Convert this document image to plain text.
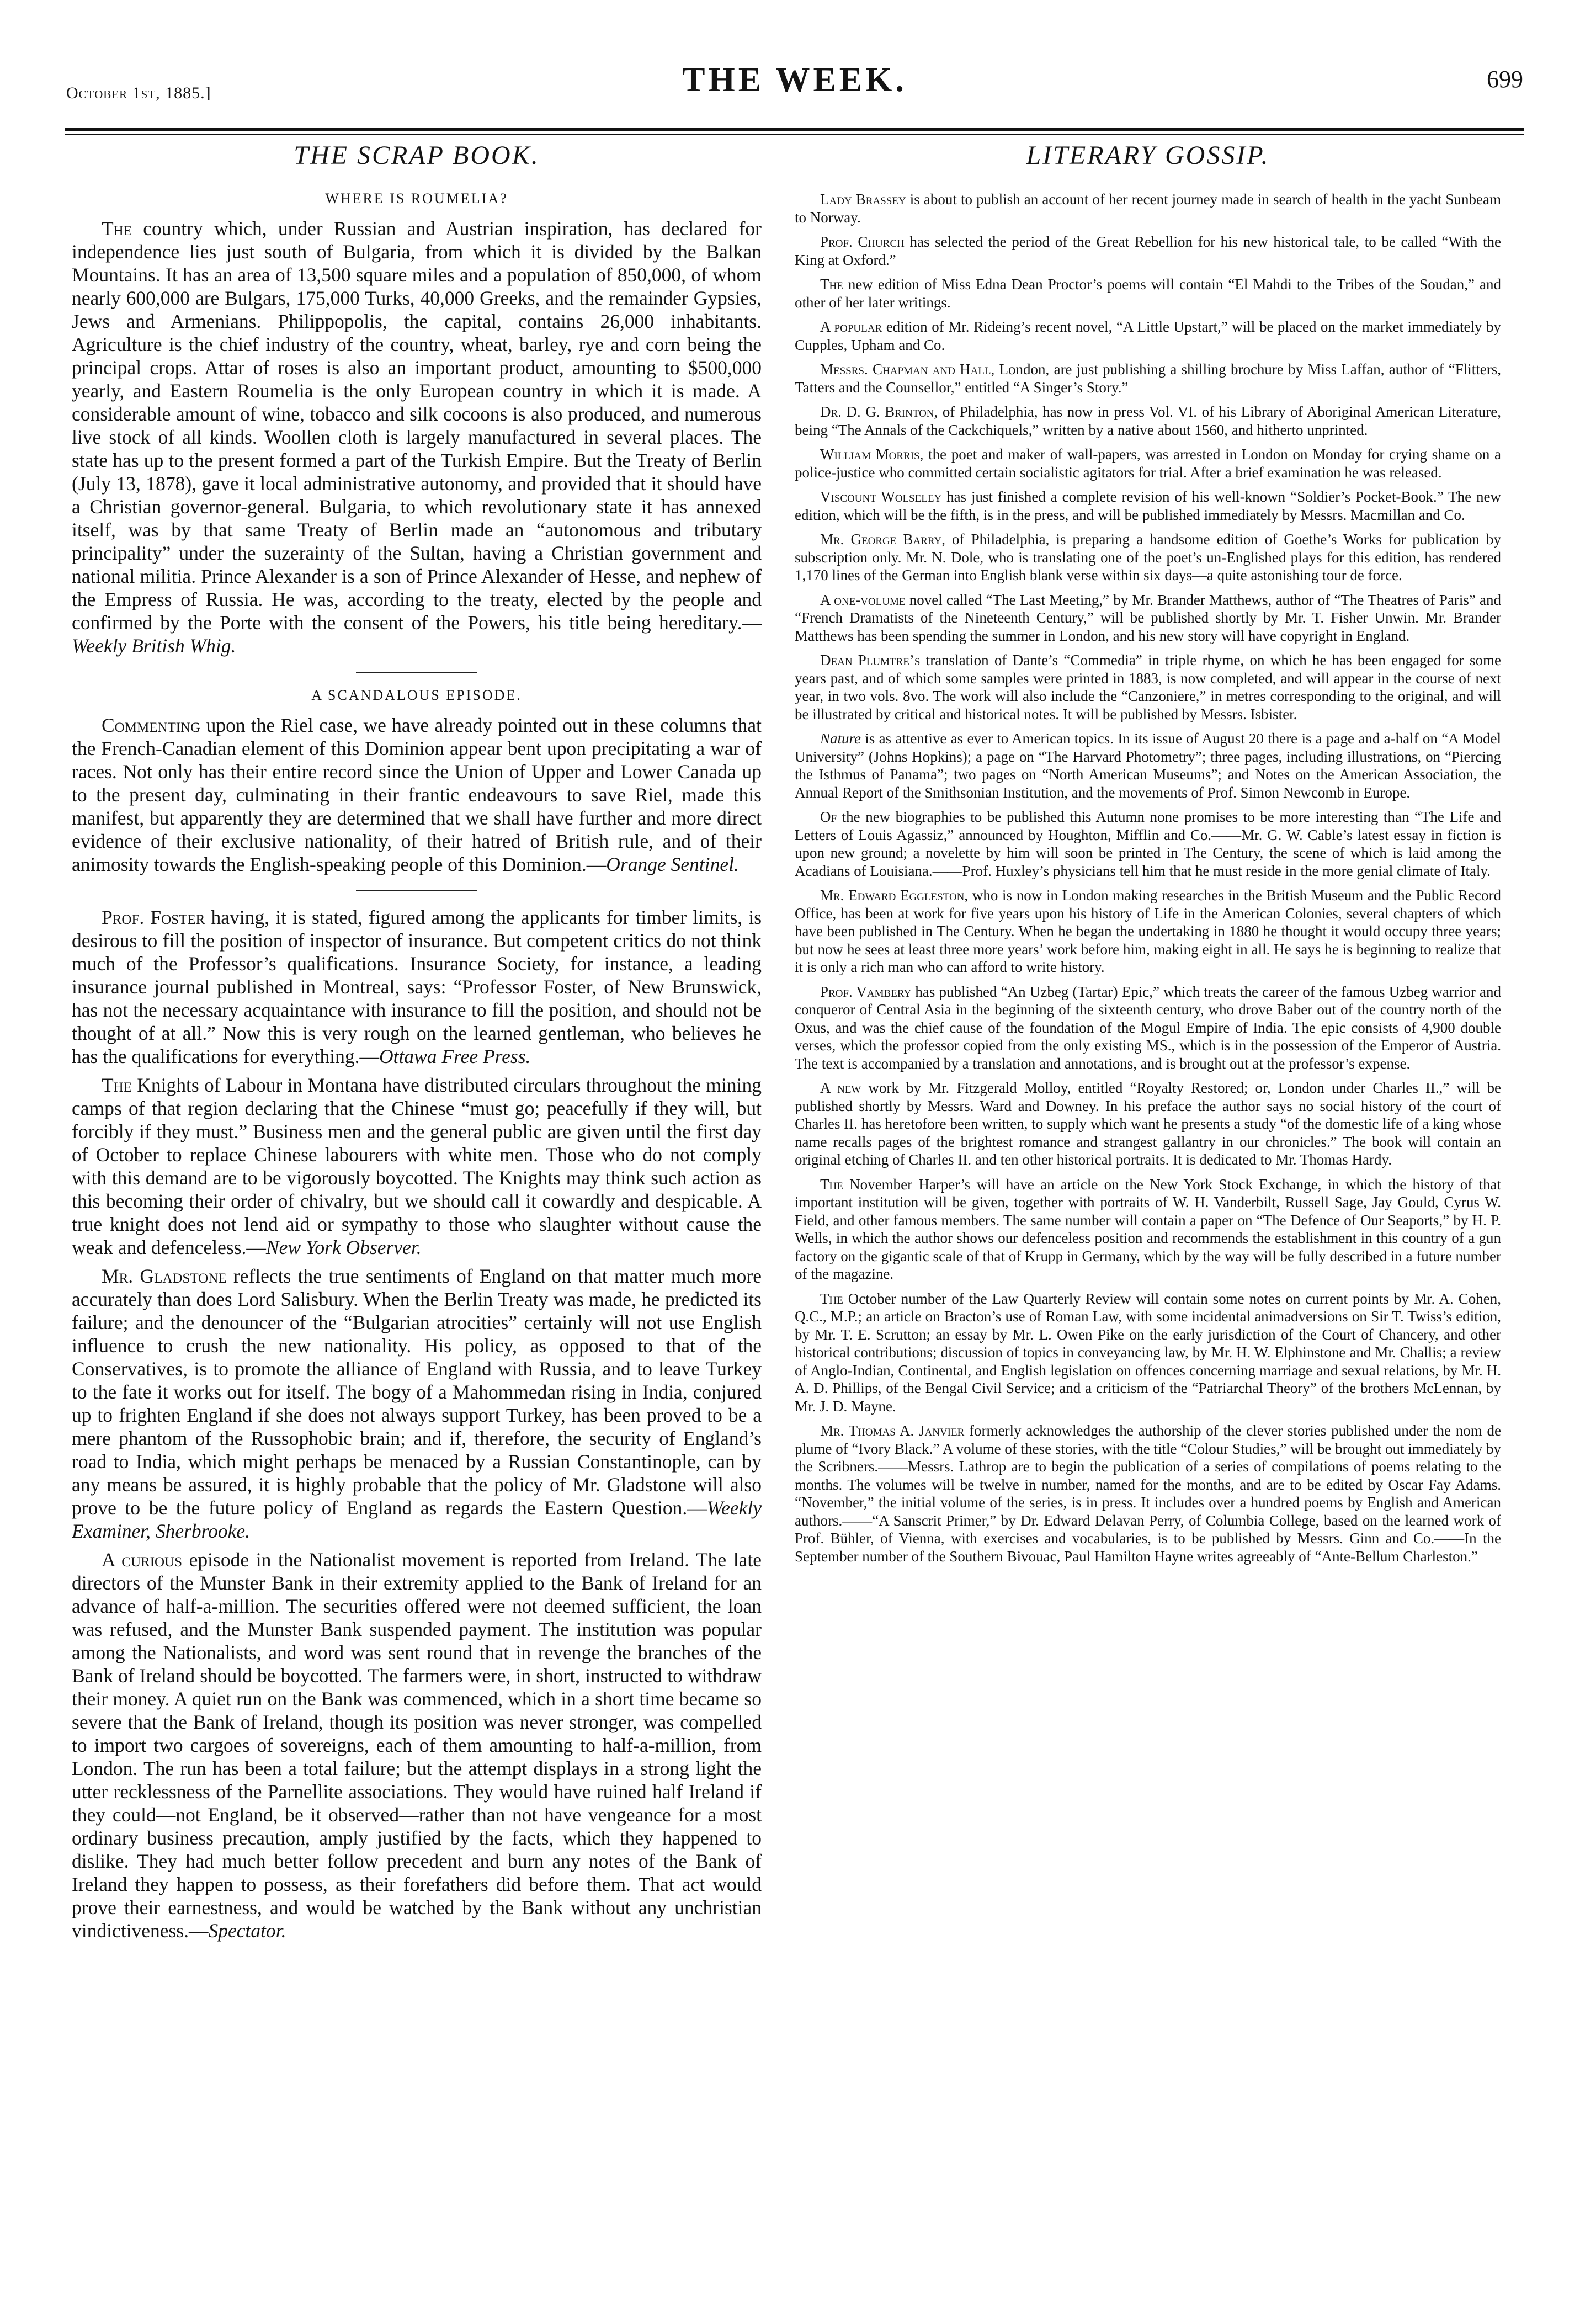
October 1st, 1885.]	THE WEEK.	699
THE SCRAP BOOK.
WHERE IS ROUMELIA?

The country which, under Russian and Austrian inspiration, has declared for independence lies just south of Bulgaria, from which it is divided by the Balkan Mountains. It has an area of 13,500 square miles and a population of 850,000, of whom nearly 600,000 are Bulgars, 175,000 Turks, 40,000 Greeks, and the remainder Gypsies, Jews and Armenians. Philippopolis, the capital, contains 26,000 inhabitants. Agriculture is the chief industry of the country, wheat, barley, rye and corn being the principal crops. Attar of roses is also an important product, amounting to $500,000 yearly, and Eastern Roumelia is the only European country in which it is made. A considerable amount of wine, tobacco and silk cocoons is also produced, and numerous live stock of all kinds. Woollen cloth is largely manufactured in several places. The state has up to the present formed a part of the Turkish Empire. But the Treaty of Berlin (July 13, 1878), gave it local administrative autonomy, and provided that it should have a Christian governor-general. Bulgaria, to which revolutionary state it has annexed itself, was by that same Treaty of Berlin made an “autonomous and tributary principality” under the suzerainty of the Sultan, having a Christian government and national militia. Prince Alexander is a son of Prince Alexander of Hesse, and nephew of the Empress of Russia. He was, according to the treaty, elected by the people and confirmed by the Porte with the consent of the Powers, his title being hereditary.—Weekly British Whig.

A SCANDALOUS EPISODE.

Commenting upon the Riel case, we have already pointed out in these columns that the French-Canadian element of this Dominion appear bent upon precipitating a war of races. Not only has their entire record since the Union of Upper and Lower Canada up to the present day, culminating in their frantic endeavours to save Riel, made this manifest, but apparently they are determined that we shall have further and more direct evidence of their exclusive nationality, of their hatred of British rule, and of their animosity towards the English-speaking people of this Dominion.—Orange Sentinel.

Prof. Foster having, it is stated, figured among the applicants for timber limits, is desirous to fill the position of inspector of insurance. But competent critics do not think much of the Professor’s qualifications. Insurance Society, for instance, a leading insurance journal published in Montreal, says: “Professor Foster, of New Brunswick, has not the necessary acquaintance with insurance to fill the position, and should not be thought of at all.” Now this is very rough on the learned gentleman, who believes he has the qualifications for everything.—Ottawa Free Press.

The Knights of Labour in Montana have distributed circulars throughout the mining camps of that region declaring that the Chinese “must go; peacefully if they will, but forcibly if they must.” Business men and the general public are given until the first day of October to replace Chinese labourers with white men. Those who do not comply with this demand are to be vigorously boycotted. The Knights may think such action as this becoming their order of chivalry, but we should call it cowardly and despicable. A true knight does not lend aid or sympathy to those who slaughter without cause the weak and defenceless.—New York Observer.

Mr. Gladstone reflects the true sentiments of England on that matter much more accurately than does Lord Salisbury. When the Berlin Treaty was made, he predicted its failure; and the denouncer of the “Bulgarian atrocities” certainly will not use English influence to crush the new nationality. His policy, as opposed to that of the Conservatives, is to promote the alliance of England with Russia, and to leave Turkey to the fate it works out for itself. The bogy of a Mahommedan rising in India, conjured up to frighten England if she does not always support Turkey, has been proved to be a mere phantom of the Russophobic brain; and if, therefore, the security of England’s road to India, which might perhaps be menaced by a Russian Constantinople, can by any means be assured, it is highly probable that the policy of Mr. Gladstone will also prove to be the future policy of England as regards the Eastern Question.—Weekly Examiner, Sherbrooke.

A curious episode in the Nationalist movement is reported from Ireland. The late directors of the Munster Bank in their extremity applied to the Bank of Ireland for an advance of half-a-million. The securities offered were not deemed sufficient, the loan was refused, and the Munster Bank suspended payment. The institution was popular among the Nationalists, and word was sent round that in revenge the branches of the Bank of Ireland should be boycotted. The farmers were, in short, instructed to withdraw their money. A quiet run on the Bank was commenced, which in a short time became so severe that the Bank of Ireland, though its position was never stronger, was compelled to import two cargoes of sovereigns, each of them amounting to half-a-million, from London. The run has been a total failure; but the attempt displays in a strong light the utter recklessness of the Parnellite associations. They would have ruined half Ireland if they could—not England, be it observed—rather than not have vengeance for a most ordinary business precaution, amply justified by the facts, which they happened to dislike. They had much better follow precedent and burn any notes of the Bank of Ireland they happen to possess, as their forefathers did before them. That act would prove their earnestness, and would be watched by the Bank without any unchristian vindictiveness.—Spectator.

LITERARY GOSSIP.

Lady Brassey is about to publish an account of her recent journey made in search of health in the yacht Sunbeam to Norway.

Prof. Church has selected the period of the Great Rebellion for his new historical tale, to be called “With the King at Oxford.”

The new edition of Miss Edna Dean Proctor’s poems will contain “El Mahdi to the Tribes of the Soudan,” and other of her later writings.

A popular edition of Mr. Rideing’s recent novel, “A Little Upstart,” will be placed on the market immediately by Cupples, Upham and Co.

Messrs. Chapman and Hall, London, are just publishing a shilling brochure by Miss Laffan, author of “Flitters, Tatters and the Counsellor,” entitled “A Singer’s Story.”

Dr. D. G. Brinton, of Philadelphia, has now in press Vol. VI. of his Library of Aboriginal American Literature, being “The Annals of the Cackchiquels,” written by a native about 1560, and hitherto unprinted.

William Morris, the poet and maker of wall-papers, was arrested in London on Monday for crying shame on a police-justice who committed certain socialistic agitators for trial. After a brief examination he was released.

Viscount Wolseley has just finished a complete revision of his well-known “Soldier’s Pocket-Book.” The new edition, which will be the fifth, is in the press, and will be published immediately by Messrs. Macmillan and Co.

Mr. George Barry, of Philadelphia, is preparing a handsome edition of Goethe’s Works for publication by subscription only. Mr. N. Dole, who is translating one of the poet’s un-Englished plays for this edition, has rendered 1,170 lines of the German into English blank verse within six days—a quite astonishing tour de force.

A one-volume novel called “The Last Meeting,” by Mr. Brander Matthews, author of “The Theatres of Paris” and “French Dramatists of the Nineteenth Century,” will be published shortly by Mr. T. Fisher Unwin. Mr. Brander Matthews has been spending the summer in London, and his new story will have copyright in England.

Dean Plumtre’s translation of Dante’s “Commedia” in triple rhyme, on which he has been engaged for some years past, and of which some samples were printed in 1883, is now completed, and will appear in the course of next year, in two vols. 8vo. The work will also include the “Canzoniere,” in metres corresponding to the original, and will be illustrated by critical and historical notes. It will be published by Messrs. Isbister.

Nature is as attentive as ever to American topics. In its issue of August 20 there is a page and a-half on “A Model University” (Johns Hopkins); a page on “The Harvard Photometry”; three pages, including illustrations, on “Piercing the Isthmus of Panama”; two pages on “North American Museums”; and Notes on the American Association, the Annual Report of the Smithsonian Institution, and the movements of Prof. Simon Newcomb in Europe.

Of the new biographies to be published this Autumn none promises to be more interesting than “The Life and Letters of Louis Agassiz,” announced by Houghton, Mifflin and Co.——Mr. G. W. Cable’s latest essay in fiction is upon new ground; a novelette by him will soon be printed in The Century, the scene of which is laid among the Acadians of Louisiana.——Prof. Huxley’s physicians tell him that he must reside in the more genial climate of Italy.

Mr. Edward Eggleston, who is now in London making researches in the British Museum and the Public Record Office, has been at work for five years upon his history of Life in the American Colonies, several chapters of which have been published in The Century. When he began the undertaking in 1880 he thought it would occupy three years; but now he sees at least three more years’ work before him, making eight in all. He says he is beginning to realize that it is only a rich man who can afford to write history.

Prof. Vambery has published “An Uzbeg (Tartar) Epic,” which treats the career of the famous Uzbeg warrior and conqueror of Central Asia in the beginning of the sixteenth century, who drove Baber out of the country north of the Oxus, and was the chief cause of the foundation of the Mogul Empire of India. The epic consists of 4,900 double verses, which the professor copied from the only existing MS., which is in the possession of the Emperor of Austria. The text is accompanied by a translation and annotations, and is brought out at the professor’s expense.

A new work by Mr. Fitzgerald Molloy, entitled “Royalty Restored; or, London under Charles II.,” will be published shortly by Messrs. Ward and Downey. In his preface the author says no social history of the court of Charles II. has heretofore been written, to supply which want he presents a study “of the domestic life of a king whose name recalls pages of the brightest romance and strangest gallantry in our chronicles.” The book will contain an original etching of Charles II. and ten other historical portraits. It is dedicated to Mr. Thomas Hardy.

The November Harper’s will have an article on the New York Stock Exchange, in which the history of that important institution will be given, together with portraits of W. H. Vanderbilt, Russell Sage, Jay Gould, Cyrus W. Field, and other famous members. The same number will contain a paper on “The Defence of Our Seaports,” by H. P. Wells, in which the author shows our defenceless position and recommends the establishment in this country of a gun factory on the gigantic scale of that of Krupp in Germany, which by the way will be fully described in a future number of the magazine.

The October number of the Law Quarterly Review will contain some notes on current points by Mr. A. Cohen, Q.C., M.P.; an article on Bracton’s use of Roman Law, with some incidental animadversions on Sir T. Twiss’s edition, by Mr. T. E. Scrutton; an essay by Mr. L. Owen Pike on the early jurisdiction of the Court of Chancery, and other historical contributions; discussion of topics in conveyancing law, by Mr. H. W. Elphinstone and Mr. Challis; a review of Anglo-Indian, Continental, and English legislation on offences concerning marriage and sexual relations, by Mr. H. A. D. Phillips, of the Bengal Civil Service; and a criticism of the “Patriarchal Theory” of the brothers McLennan, by Mr. J. D. Mayne.

Mr. Thomas A. Janvier formerly acknowledges the authorship of the clever stories published under the nom de plume of “Ivory Black.” A volume of these stories, with the title “Colour Studies,” will be brought out immediately by the Scribners.——Messrs. Lathrop are to begin the publication of a series of compilations of poems relating to the months. The volumes will be twelve in number, named for the months, and are to be edited by Oscar Fay Adams. “November,” the initial volume of the series, is in press. It includes over a hundred poems by English and American authors.——“A Sanscrit Primer,” by Dr. Edward Delavan Perry, of Columbia College, based on the learned work of Prof. Bühler, of Vienna, with exercises and vocabularies, is to be published by Messrs. Ginn and Co.——In the September number of the Southern Bivouac, Paul Hamilton Hayne writes agreeably of “Ante-Bellum Charleston.”
